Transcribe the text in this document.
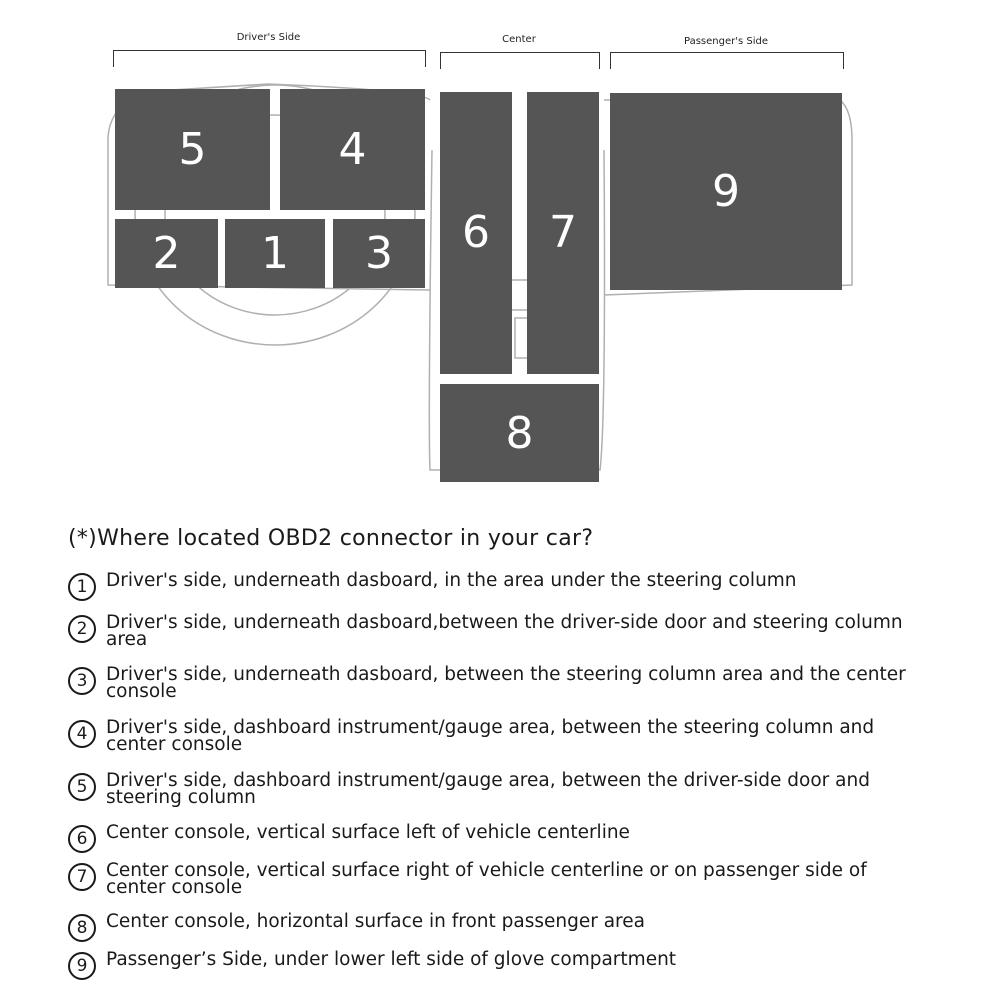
Driver's Side	Center	Passenger's Side
5	4
2 1 3 6 7
8
9
(*)Where located OBD2 connector in your car?
1	Driver's side, underneath dasboard, in the area under the steering column
2	Driver's side, underneath dasboard,between the driver-side door and steering column area
3	Driver's side, underneath dasboard, between the steering column area and the center console
4	Driver's side, dashboard instrument/gauge area, between the steering column and center console
5	Driver's side, dashboard instrument/gauge area, between the driver-side door and steering column
6	Center console, vertical surface left of vehicle centerline
7	Center console, vertical surface right of vehicle centerline or on passenger side of center console
8	Center console, horizontal surface in front passenger area
9	Passenger’s Side, under lower left side of glove compartment
